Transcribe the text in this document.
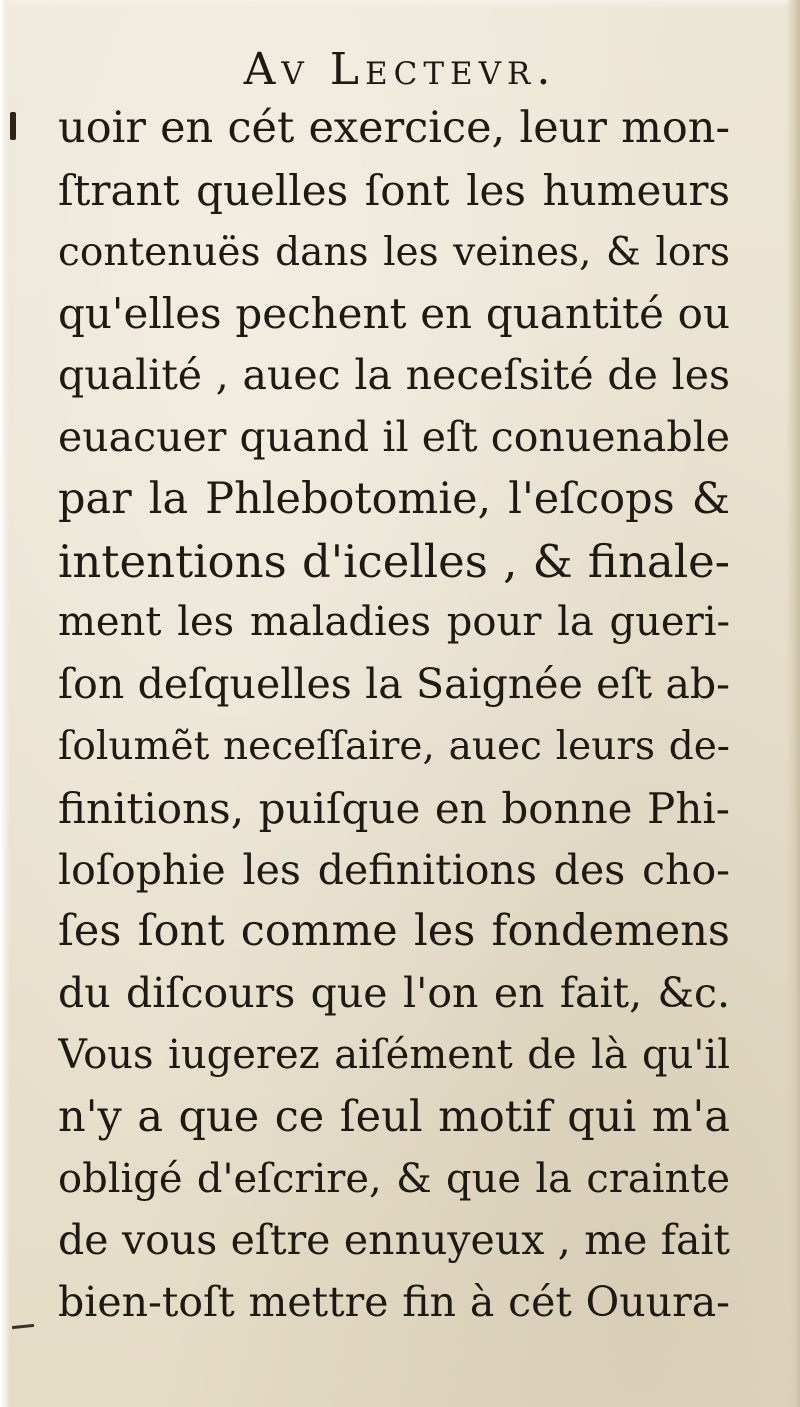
Av Lectevr.
uoir en cét exercice, leur mon-
ſtrant quelles ſont les humeurs
contenuës dans les veines, & lors
qu'elles pechent en quantité ou
qualité , auec la neceſsité de les
euacuer quand il eſt conuenable
par la Phlebotomie, l'eſcops &
intentions d'icelles , & finale-
ment les maladies pour la gueri-
ſon deſquelles la Saignée eſt ab-
ſolumẽt neceſſaire, auec leurs de-
finitions, puiſque en bonne Phi-
loſophie les definitions des cho-
ſes ſont comme les fondemens
du diſcours que l'on en fait, &c.
Vous iugerez aiſément de là qu'il
n'y a que ce ſeul motif qui m'a
obligé d'eſcrire, & que la crainte
de vous eſtre ennuyeux , me fait
bien-toſt mettre fin à cét Ouura-
